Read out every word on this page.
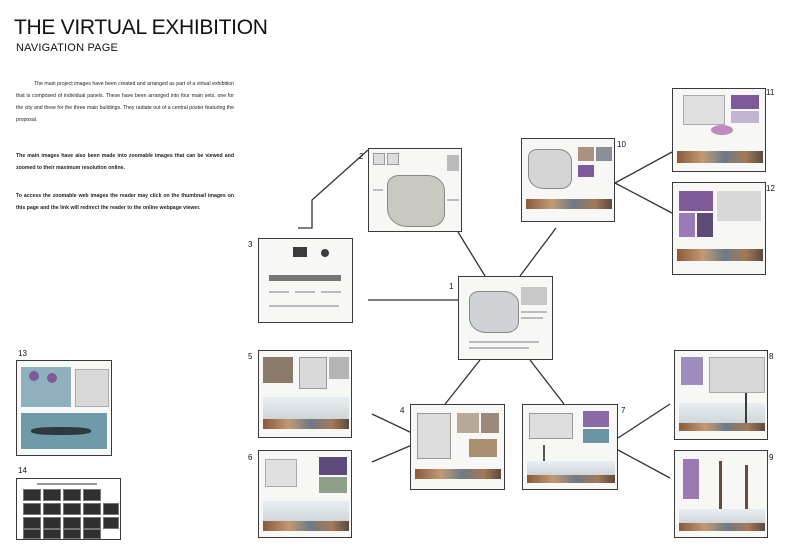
THE VIRTUAL EXHIBITION
NAVIGATION PAGE
The main project images have been created and arranged as part of a virtual exhibition that is composed of individual panels. These have been arranged into four main sets, one for the city and three for the three main buildings. They radiate out of a central poster featuring the proposal.
The main images have also been made into zoomable images that can be viewed and zoomed to their maximum resolution online.
To access the zoomable web images the reader may click on the thumbnail images on this page and the link will redirect the reader to the online webpage viewer.
1
2
3
10
11
12
5
6
4	7
8
9
13
14
